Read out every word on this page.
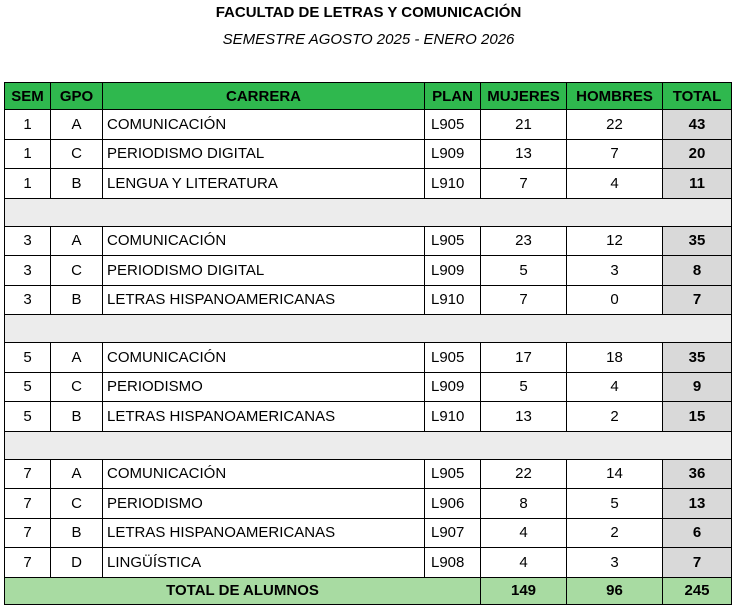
FACULTAD DE LETRAS Y COMUNICACIÓN
SEMESTRE AGOSTO 2025 - ENERO 2026
SEM	GPO	CARRERA	PLAN	MUJERES	HOMBRES	TOTAL
1	A	COMUNICACIÓN	L905	21	22	43
1	C	PERIODISMO DIGITAL	L909	13	7	20
1	B	LENGUA Y LITERATURA	L910	7	4	11

3	A	COMUNICACIÓN	L905	23	12	35
3	C	PERIODISMO DIGITAL	L909	5	3	8
3	B	LETRAS HISPANOAMERICANAS	L910	7	0	7

5	A	COMUNICACIÓN	L905	17	18	35
5	C	PERIODISMO	L909	5	4	9
5	B	LETRAS HISPANOAMERICANAS	L910	13	2	15

7	A	COMUNICACIÓN	L905	22	14	36
7	C	PERIODISMO	L906	8	5	13
7	B	LETRAS HISPANOAMERICANAS	L907	4	2	6
7	D	LINGÜÍSTICA	L908	4	3	7
TOTAL DE ALUMNOS				149	96	245
